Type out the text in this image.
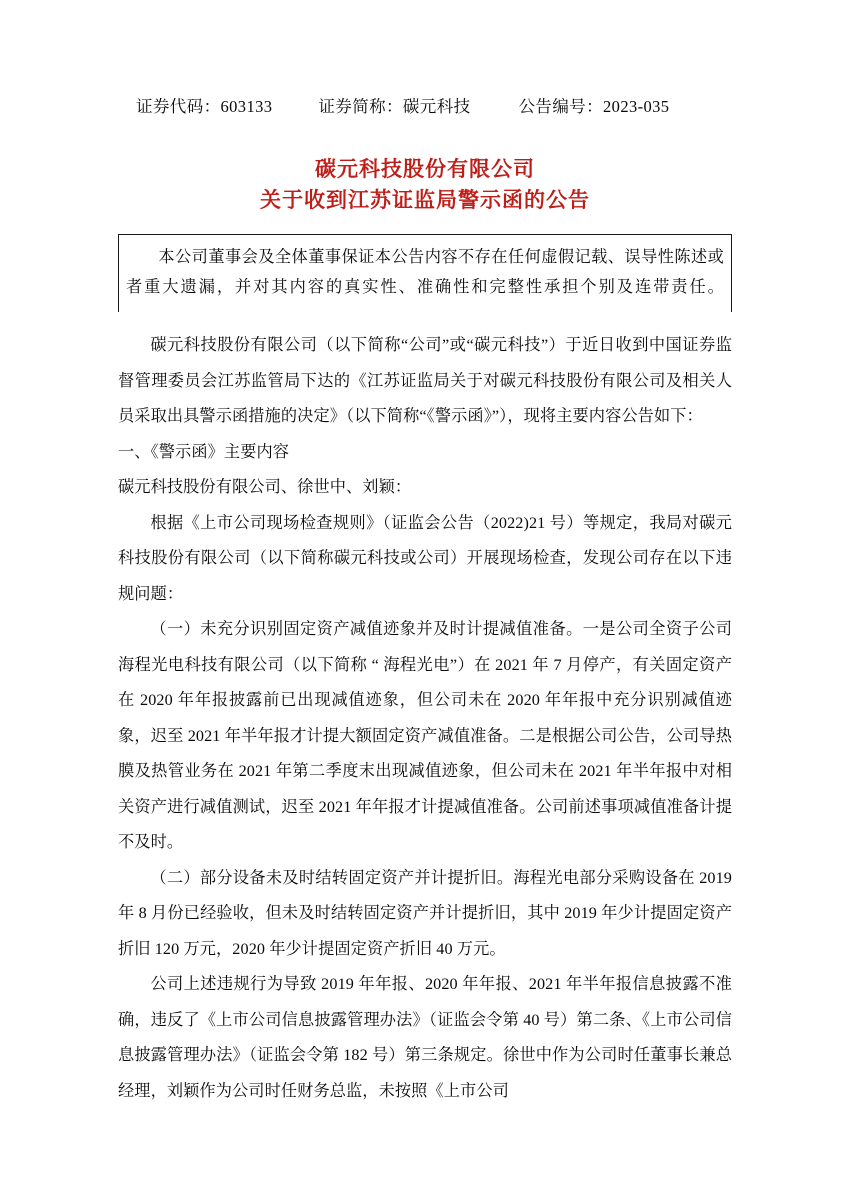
证券代码： 603133	证券简称： 碳元科技	公告编号： 2023-035
碳元科技股份有限公司
关于收到江苏证监局警示函的公告

本公司董事会及全体董事保证本公告内容不存在任何虚假记载、误导性陈述或者重大遗漏，并对其内容的真实性、准确性和完整性承担个别及连带责任。

碳元科技股份有限公司（以下简称“公司”或“碳元科技”）于近日收到中国证券监督管理委员会江苏监管局下达的《江苏证监局关于对碳元科技股份有限公司及相关人员采取出具警示函措施的决定》（以下简称“《警示函》”），现将主要内容公告如下：

一、《警示函》主要内容

碳元科技股份有限公司、徐世中、刘颖：

根据《上市公司现场检查规则》（证监会公告（2022)21 号）等规定，我局对碳元科技股份有限公司（以下简称碳元科技或公司）开展现场检查，发现公司存在以下违规问题：

（一）未充分识别固定资产减值迹象并及时计提减值准备。一是公司全资子公司海程光电科技有限公司（以下简称 “ 海程光电”）在 2021 年 7 月停产，有关固定资产在 2020 年年报披露前已出现减值迹象，但公司未在 2020 年年报中充分识别减值迹象，迟至 2021 年半年报才计提大额固定资产减值准备。二是根据公司公告，公司导热膜及热管业务在 2021 年第二季度末出现减值迹象，但公司未在 2021 年半年报中对相关资产进行减值测试，迟至 2021 年年报才计提减值准备。公司前述事项减值准备计提不及时。

（二）部分设备未及时结转固定资产并计提折旧。海程光电部分采购设备在 2019 年 8 月份已经验收，但未及时结转固定资产并计提折旧，其中 2019 年少计提固定资产折旧 120 万元，2020 年少计提固定资产折旧 40 万元。

公司上述违规行为导致 2019 年年报、2020 年年报、2021 年半年报信息披露不准确，违反了《上市公司信息披露管理办法》（证监会令第 40 号）第二条、《上市公司信息披露管理办法》（证监会令第 182 号）第三条规定。徐世中作为公司时任董事长兼总经理，刘颖作为公司时任财务总监，未按照《上市公司
